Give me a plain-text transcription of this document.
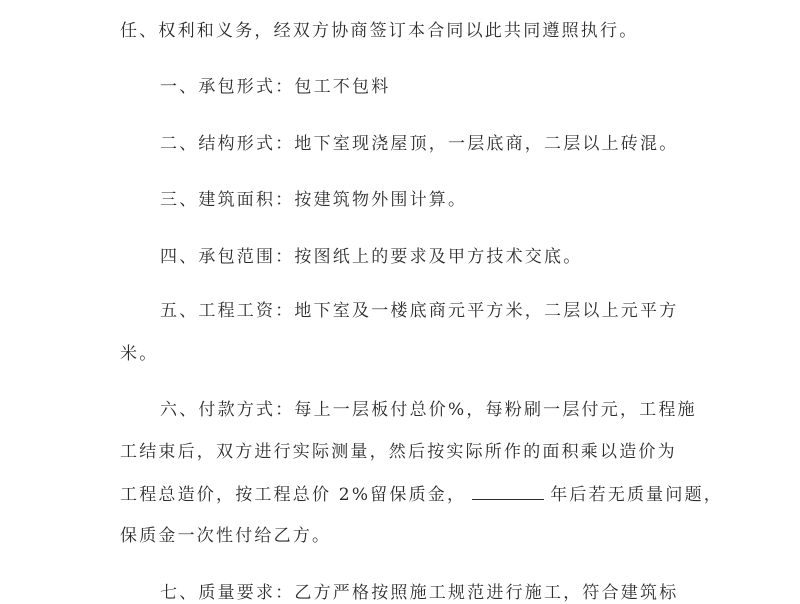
任、权利和义务，经双方协商签订本合同以此共同遵照执行。
一、承包形式：包工不包料
二、结构形式：地下室现浇屋顶，一层底商，二层以上砖混。
三、建筑面积：按建筑物外围计算。
四、承包范围：按图纸上的要求及甲方技术交底。
五、工程工资：地下室及一楼底商元平方米，二层以上元平方
米。
六、付款方式：每上一层板付总价%，每粉刷一层付元，工程施
工结束后，双方进行实际测量，然后按实际所作的面积乘以造价为
工程总造价，按工程总价 2%留保质金，	年后若无质量问题，
保质金一次性付给乙方。
七、质量要求：乙方严格按照施工规范进行施工，符合建筑标
